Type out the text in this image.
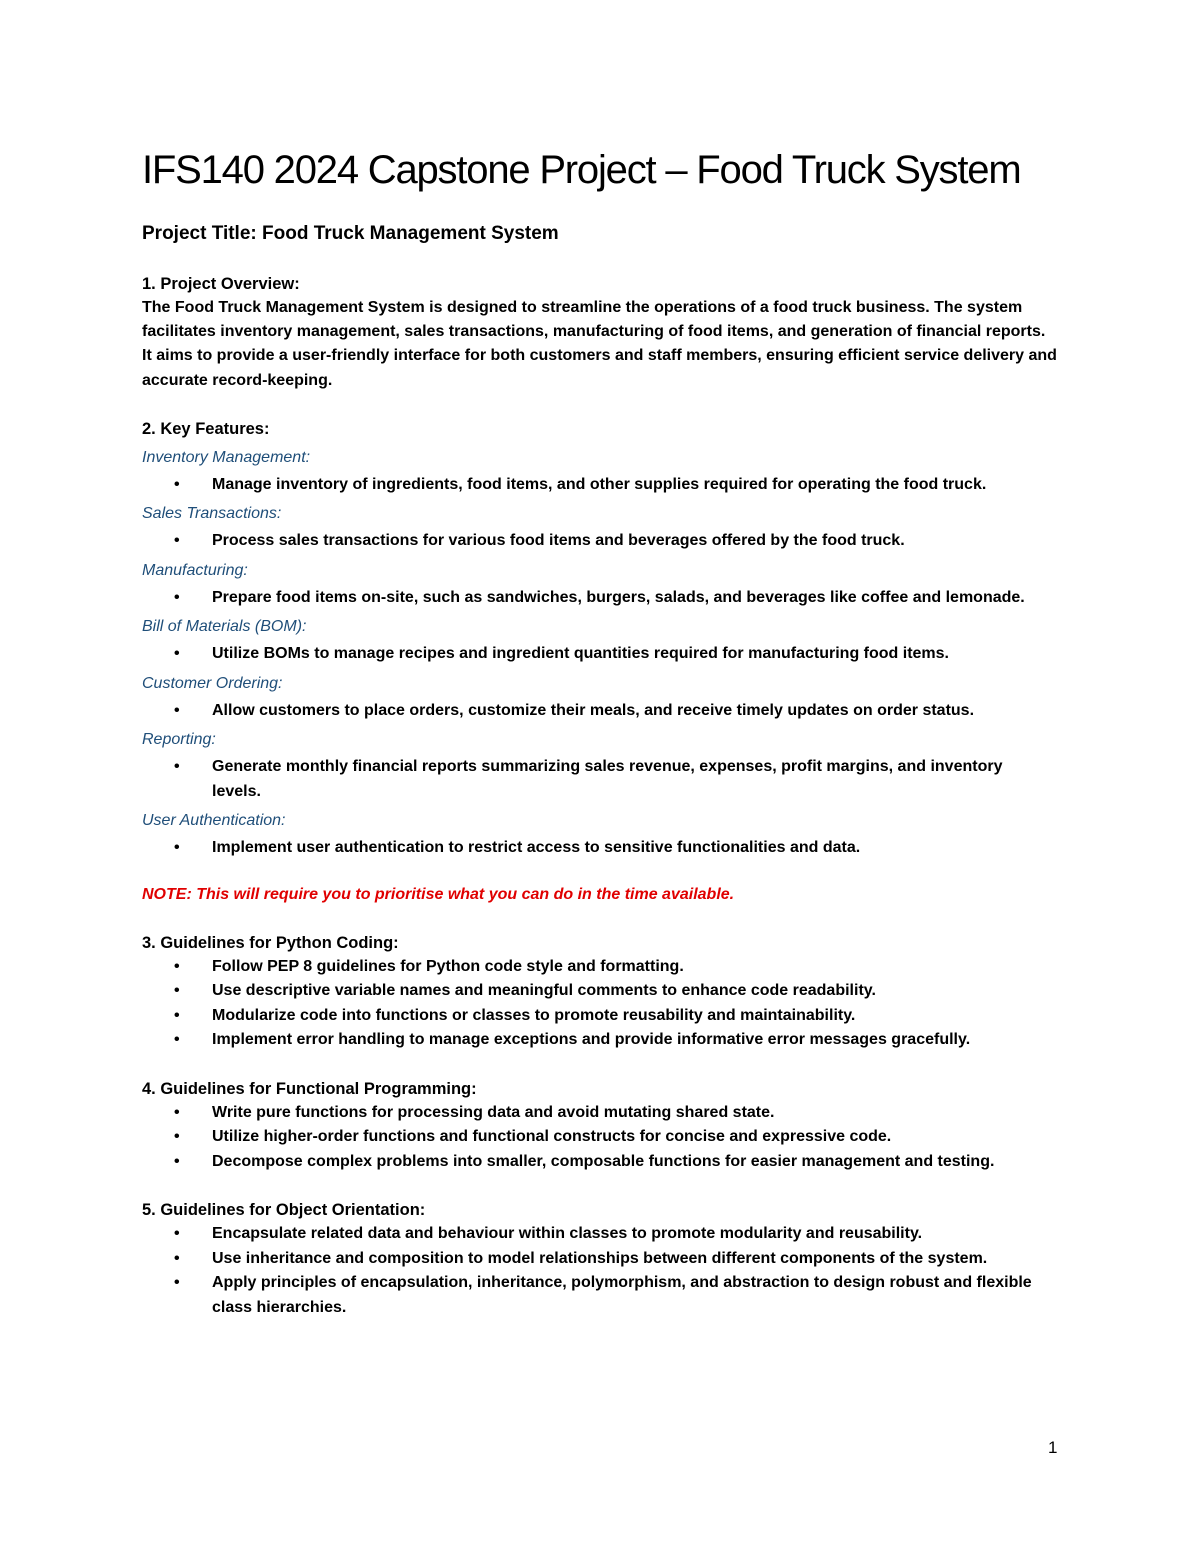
IFS140 2024 Capstone Project – Food Truck System

Project Title: Food Truck Management System

1. Project Overview:

The Food Truck Management System is designed to streamline the operations of a food truck business. The system facilitates inventory management, sales transactions, manufacturing of food items, and generation of financial reports. It aims to provide a user-friendly interface for both customers and staff members, ensuring efficient service delivery and accurate record-keeping.

2. Key Features:

Inventory Management:
• Manage inventory of ingredients, food items, and other supplies required for operating the food truck.
Sales Transactions:
• Process sales transactions for various food items and beverages offered by the food truck.
Manufacturing:
• Prepare food items on-site, such as sandwiches, burgers, salads, and beverages like coffee and lemonade.
Bill of Materials (BOM):
• Utilize BOMs to manage recipes and ingredient quantities required for manufacturing food items.
Customer Ordering:
• Allow customers to place orders, customize their meals, and receive timely updates on order status.
Reporting:
• Generate monthly financial reports summarizing sales revenue, expenses, profit margins, and inventory levels.
User Authentication:
• Implement user authentication to restrict access to sensitive functionalities and data.

NOTE: This will require you to prioritise what you can do in the time available.

3. Guidelines for Python Coding:

• Follow PEP 8 guidelines for Python code style and formatting.
• Use descriptive variable names and meaningful comments to enhance code readability.
• Modularize code into functions or classes to promote reusability and maintainability.
• Implement error handling to manage exceptions and provide informative error messages gracefully.

4. Guidelines for Functional Programming:

• Write pure functions for processing data and avoid mutating shared state.
• Utilize higher-order functions and functional constructs for concise and expressive code.
• Decompose complex problems into smaller, composable functions for easier management and testing.

5. Guidelines for Object Orientation:

• Encapsulate related data and behaviour within classes to promote modularity and reusability.
• Use inheritance and composition to model relationships between different components of the system.
• Apply principles of encapsulation, inheritance, polymorphism, and abstraction to design robust and flexible class hierarchies.
1
